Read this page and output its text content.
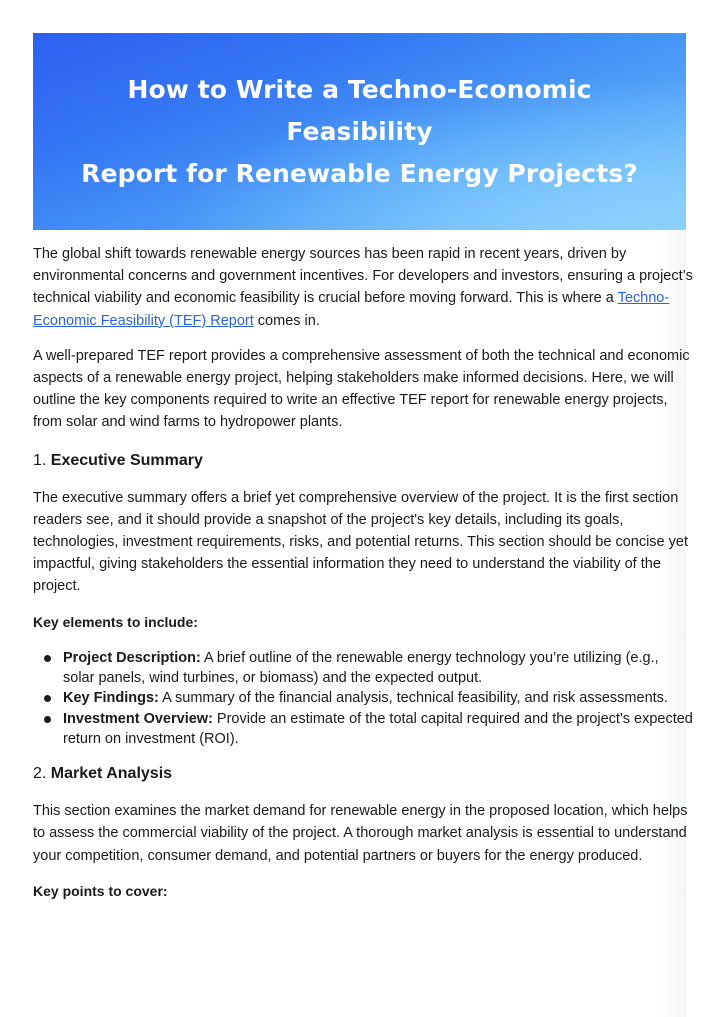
How to Write a Techno-Economic Feasibility
Report for Renewable Energy Projects?

The global shift towards renewable energy sources has been rapid in recent years, driven by environmental concerns and government incentives. For developers and investors, ensuring a project’s technical viability and economic feasibility is crucial before moving forward. This is where a Techno-Economic Feasibility (TEF) Report comes in.

A well-prepared TEF report provides a comprehensive assessment of both the technical and economic aspects of a renewable energy project, helping stakeholders make informed decisions. Here, we will outline the key components required to write an effective TEF report for renewable energy projects, from solar and wind farms to hydropower plants.

1. Executive Summary

The executive summary offers a brief yet comprehensive overview of the project. It is the first section readers see, and it should provide a snapshot of the project's key details, including its goals, technologies, investment requirements, risks, and potential returns. This section should be concise yet impactful, giving stakeholders the essential information they need to understand the viability of the project.

Key elements to include:
Project Description: A brief outline of the renewable energy technology you’re utilizing (e.g., solar panels, wind turbines, or biomass) and the expected output.
Key Findings: A summary of the financial analysis, technical feasibility, and risk assessments.
Investment Overview: Provide an estimate of the total capital required and the project's expected return on investment (ROI).
2. Market Analysis

This section examines the market demand for renewable energy in the proposed location, which helps to assess the commercial viability of the project. A thorough market analysis is essential to understand your competition, consumer demand, and potential partners or buyers for the energy produced.

Key points to cover:
